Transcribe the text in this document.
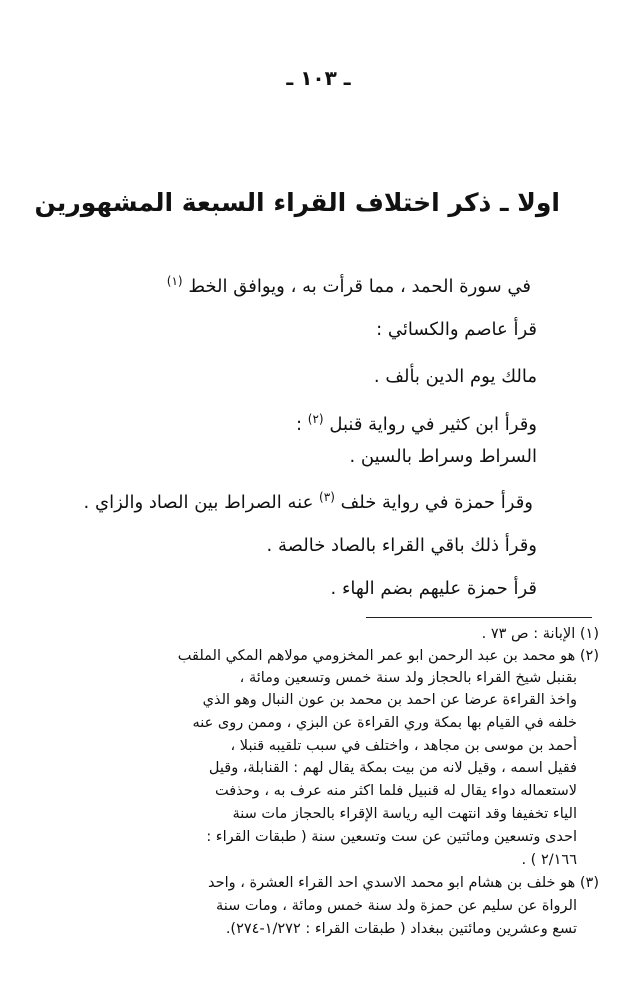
ـ ١٠٣ ـ
اولا ـ ذكر اختلاف القراء السبعة المشهورين
في سورة الحمد ، مما قرأت به ، ويوافق الخط $^{(١)}$
قرأ عاصم والكسائي :
مالك يوم الدين بألف .
وقرأ ابن كثير في رواية قنبل $^{(٢)}$ :
السراط وسراط بالسين .
وقرأ حمزة في رواية خلف $^{(٣)}$ عنه الصراط بين الصاد والزاي .
وقرأ ذلك باقي القراء بالصاد خالصة .
قرأ حمزة عليهم بضم الهاء .
(١) الإبانة : ص ٧٣ .
(٢) هو محمد بن عبد الرحمن ابو عمر المخزومي مولاهم المكي الملقب
بقنبل شيخ القراء بالحجاز ولد سنة خمس وتسعين ومائة ،
واخذ القراءة عرضا عن احمد بن محمد بن عون النبال وهو الذي
خلفه في القيام بها بمكة وري القراءة عن البزي ، وممن روى عنه
أحمد بن موسى بن مجاهد ، واختلف في سبب تلقيبه قنبلا ،
فقيل اسمه ، وقيل لانه من بيت بمكة يقال لهم : القنابلة، وقيل
لاستعماله دواء يقال له قنبيل فلما اكثر منه عرف به ، وحذفت
الياء تخفيفا وقد انتهت اليه رياسة الإقراء بالحجاز مات سنة
احدى وتسعين ومائتين عن ست وتسعين سنة ( طبقات القراء :
٢/١٦٦ ) .
(٣) هو خلف بن هشام ابو محمد الاسدي احد القراء العشرة ، واحد
الرواة عن سليم عن حمزة ولد سنة خمس ومائة ، ومات سنة
تسع وعشرين ومائتين ببغداد ( طبقات القراء : ١/٢٧٢-٢٧٤).
